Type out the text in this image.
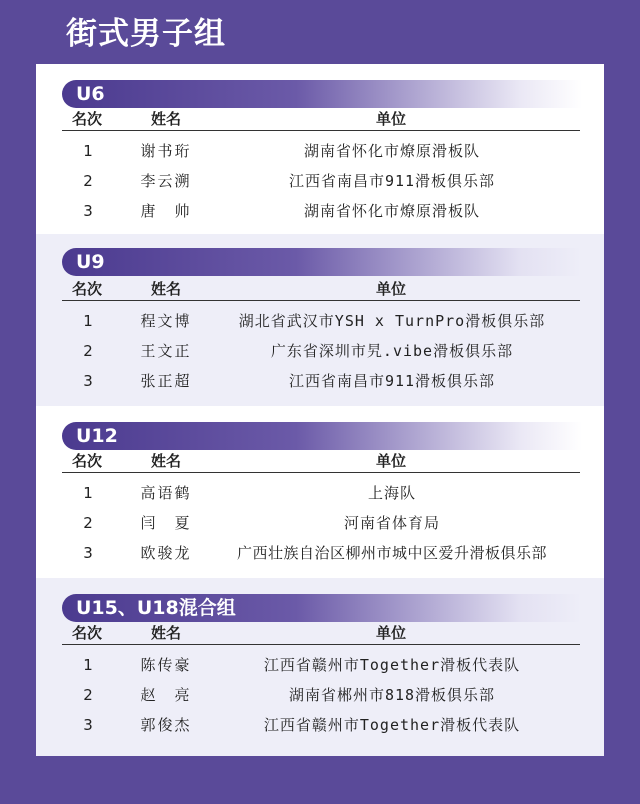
街式男子组
U6
名次	姓名	单位
1	谢书珩	湖南省怀化市燎原滑板队
2	李云溯	江西省南昌市911滑板俱乐部
3	唐　帅	湖南省怀化市燎原滑板队
U9
名次	姓名	单位
1	程文博	湖北省武汉市YSH x TurnPro滑板俱乐部
2	王文正	广东省深圳市旯.vibe滑板俱乐部
3	张正超	江西省南昌市911滑板俱乐部
U12
名次	姓名	单位
1	高语鹤	上海队
2	闫　夏	河南省体育局
3	欧骏龙	广西壮族自治区柳州市城中区爱升滑板俱乐部
U15、U18混合组
名次	姓名	单位
1	陈传豪	江西省赣州市Together滑板代表队
2	赵　亮	湖南省郴州市818滑板俱乐部
3	郭俊杰	江西省赣州市Together滑板代表队
